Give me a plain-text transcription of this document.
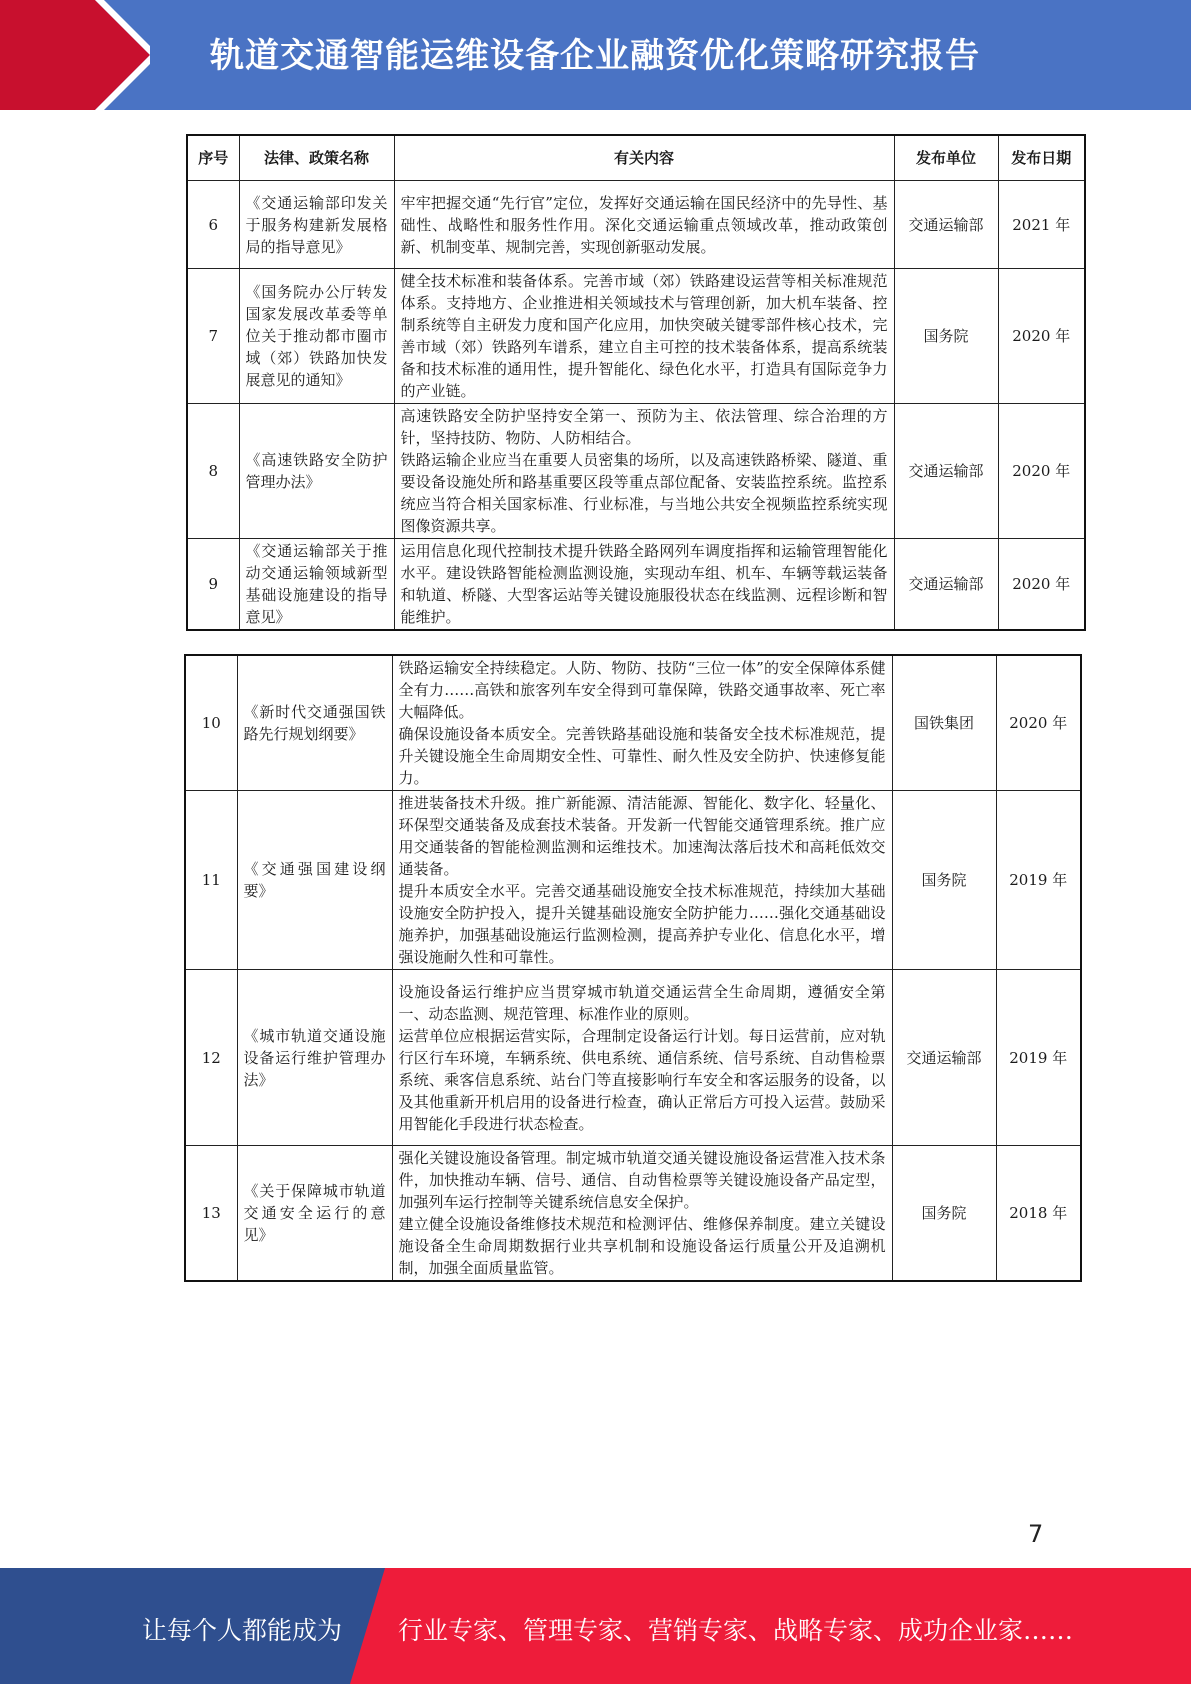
轨道交通智能运维设备企业融资优化策略研究报告
序号	法律、政策名称	有关内容	发布单位	发布日期
6	《交通运输部印发关于服务构建新发展格局的指导意见》	牢牢把握交通“先行官”定位，发挥好交通运输在国民经济中的先导性、基础性、战略性和服务性作用。深化交通运输重点领域改革，推动政策创新、机制变革、规制完善，实现创新驱动发展。	交通运输部	2021 年
7	《国务院办公厅转发国家发展改革委等单位关于推动都市圈市域（郊）铁路加快发展意见的通知》	健全技术标准和装备体系。完善市域（郊）铁路建设运营等相关标准规范体系。支持地方、企业推进相关领域技术与管理创新，加大机车装备、控制系统等自主研发力度和国产化应用，加快突破关键零部件核心技术，完善市域（郊）铁路列车谱系，建立自主可控的技术装备体系，提高系统装备和技术标准的通用性，提升智能化、绿色化水平，打造具有国际竞争力的产业链。	国务院	2020 年
8	《高速铁路安全防护管理办法》	高速铁路安全防护坚持安全第一、预防为主、依法管理、综合治理的方针，坚持技防、物防、人防相结合。
铁路运输企业应当在重要人员密集的场所，以及高速铁路桥梁、隧道、重要设备设施处所和路基重要区段等重点部位配备、安装监控系统。监控系统应当符合相关国家标准、行业标准，与当地公共安全视频监控系统实现图像资源共享。	交通运输部	2020 年
9	《交通运输部关于推动交通运输领域新型基础设施建设的指导意见》	运用信息化现代控制技术提升铁路全路网列车调度指挥和运输管理智能化水平。建设铁路智能检测监测设施，实现动车组、机车、车辆等载运装备和轨道、桥隧、大型客运站等关键设施服役状态在线监测、远程诊断和智能维护。	交通运输部	2020 年
10	《新时代交通强国铁路先行规划纲要》	铁路运输安全持续稳定。人防、物防、技防“三位一体”的安全保障体系健全有力……高铁和旅客列车安全得到可靠保障，铁路交通事故率、死亡率大幅降低。
确保设施设备本质安全。完善铁路基础设施和装备安全技术标准规范，提升关键设施全生命周期安全性、可靠性、耐久性及安全防护、快速修复能力。	国铁集团	2020 年
11	《交通强国建设纲要》	推进装备技术升级。推广新能源、清洁能源、智能化、数字化、轻量化、环保型交通装备及成套技术装备。开发新一代智能交通管理系统。推广应用交通装备的智能检测监测和运维技术。加速淘汰落后技术和高耗低效交通装备。
提升本质安全水平。完善交通基础设施安全技术标准规范，持续加大基础设施安全防护投入，提升关键基础设施安全防护能力……强化交通基础设施养护，加强基础设施运行监测检测，提高养护专业化、信息化水平，增强设施耐久性和可靠性。	国务院	2019 年
12	《城市轨道交通设施设备运行维护管理办法》	设施设备运行维护应当贯穿城市轨道交通运营全生命周期，遵循安全第一、动态监测、规范管理、标准作业的原则。
运营单位应根据运营实际，合理制定设备运行计划。每日运营前，应对轨行区行车环境，车辆系统、供电系统、通信系统、信号系统、自动售检票系统、乘客信息系统、站台门等直接影响行车安全和客运服务的设备，以及其他重新开机启用的设备进行检查，确认正常后方可投入运营。鼓励采用智能化手段进行状态检查。	交通运输部	2019 年
13	《关于保障城市轨道交通安全运行的意见》	强化关键设施设备管理。制定城市轨道交通关键设施设备运营准入技术条件，加快推动车辆、信号、通信、自动售检票等关键设施设备产品定型，加强列车运行控制等关键系统信息安全保护。
建立健全设施设备维修技术规范和检测评估、维修保养制度。建立关键设施设备全生命周期数据行业共享机制和设施设备运行质量公开及追溯机制，加强全面质量监管。	国务院	2018 年
7
让每个人都能成为 行业专家、管理专家、营销专家、战略专家、成功企业家……
